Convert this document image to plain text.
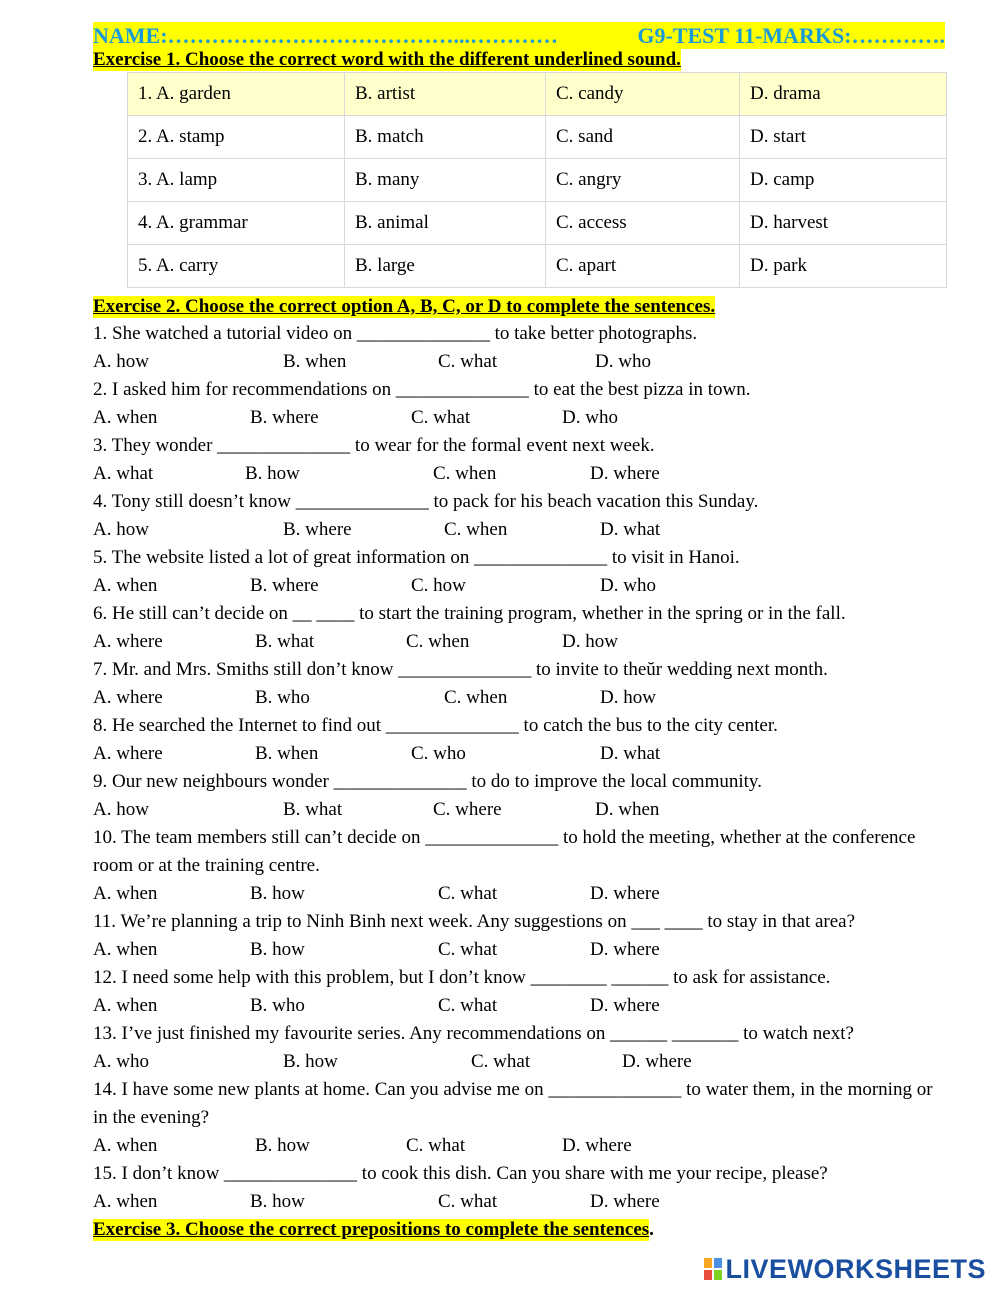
NAME:…………………………………...…………	G9-TEST 11-MARKS:………….
Exercise 1. Choose the correct word with the different underlined sound.
1. A. garden	B. artist	C. candy	D. drama
2. A. stamp	B. match	C. sand	D. start
3. A. lamp	B. many	C. angry	D. camp
4. A. grammar	B. animal	C. access	D. harvest
5. A. carry	B. large	C. apart	D. park
Exercise 2. Choose the correct option A, B, C, or D to complete the sentences.
1. She watched a tutorial video on ______________ to take better photographs.
A. how	B. when	C. what	D. who
2. I asked him for recommendations on ______________ to eat the best pizza in town.
A. when	B. where	C. what	D. who
3. They wonder ______________ to wear for the formal event next week.
A. what	B. how	C. when	D. where
4. Tony still doesn’t know ______________ to pack for his beach vacation this Sunday.
A. how	B. where	C. when	D. what
5. The website listed a lot of great information on ______________ to visit in Hanoi.
A. when	B. where	C. how	D. who
6. He still can’t decide on __ ____ to start the training program, whether in the spring or in the fall.
A. where	B. what	C. when	D. how
7. Mr. and Mrs. Smiths still don’t know ______________ to invite to theŭr wedding next month.
A. where	B. who	C. when	D. how
8. He searched the Internet to find out ______________ to catch the bus to the city center.
A. where	B. when	C. who	D. what
9. Our new neighbours wonder ______________ to do to improve the local community.
A. how	B. what	C. where	D. when
10. The team members still can’t decide on ______________ to hold the meeting, whether at the conference room or at the training centre.
A. when	B. how	C. what	D. where
11. We’re planning a trip to Ninh Binh next week. Any suggestions on ___ ____ to stay in that area?
A. when	B. how	C. what	D. where
12. I need some help with this problem, but I don’t know ________ ______ to ask for assistance.
A. when	B. who	C. what	D. where
13. I’ve just finished my favourite series. Any recommendations on ______ _______ to watch next?
A. who	B. how	C. what	D. where
14. I have some new plants at home. Can you advise me on ______________ to water them, in the morning or in the evening?
A. when	B. how	C. what	D. where
15. I don’t know ______________ to cook this dish. Can you share with me your recipe, please?
A. when	B. how	C. what	D. where
Exercise 3. Choose the correct prepositions to complete the sentences.
LIVEWORKSHEETS
